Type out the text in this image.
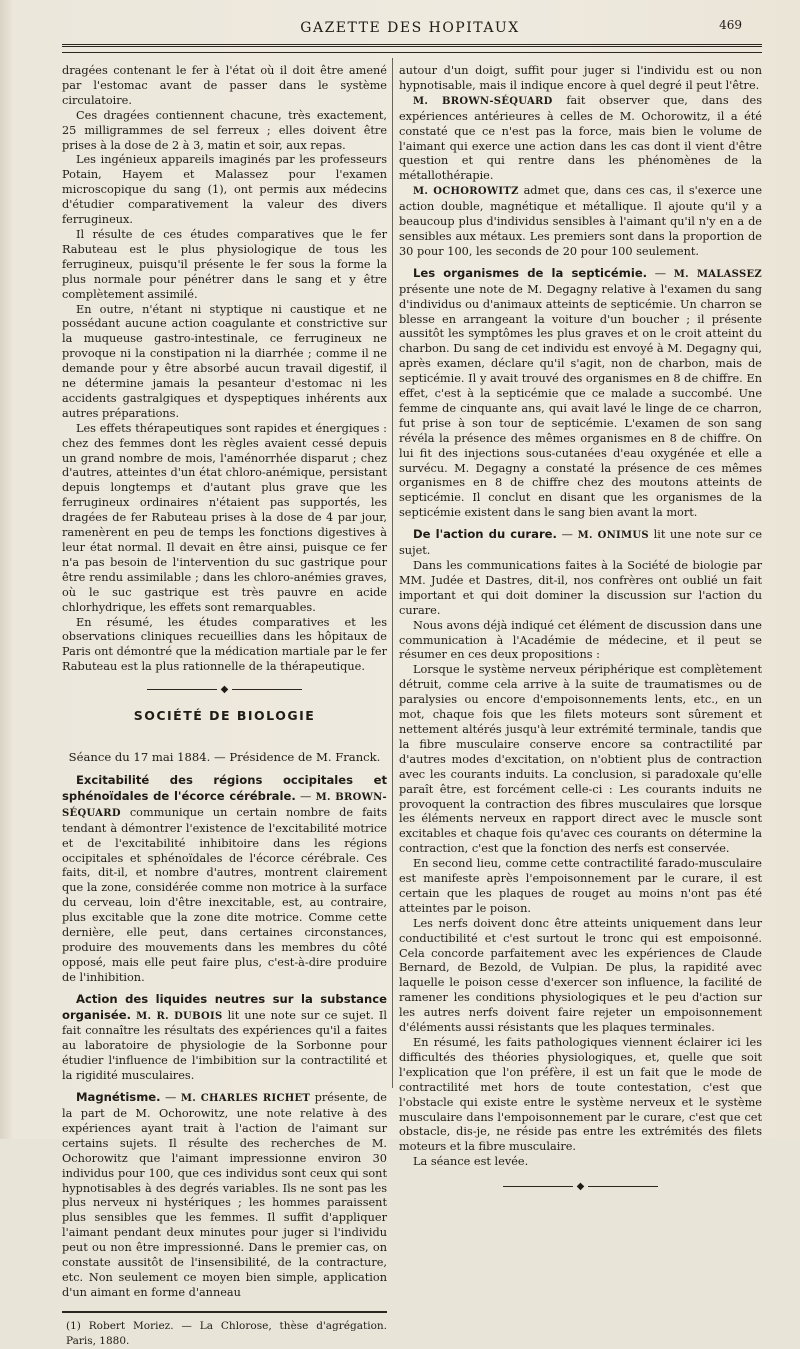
GAZETTE DES HOPITAUX	469

dragées contenant le fer à l'état où il doit être amené par l'estomac avant de passer dans le système circulatoire.

Ces dragées contiennent chacune, très exactement, 25 milligrammes de sel ferreux ; elles doivent être prises à la dose de 2 à 3, matin et soir, aux repas.

Les ingénieux appareils imaginés par les professeurs Potain, Hayem et Malassez pour l'examen microscopique du sang (1), ont permis aux médecins d'étudier comparativement la valeur des divers ferrugineux.

Il résulte de ces études comparatives que le fer Rabuteau est le plus physiologique de tous les ferrugineux, puisqu'il présente le fer sous la forme la plus normale pour pénétrer dans le sang et y être complètement assimilé.

En outre, n'étant ni styptique ni caustique et ne possédant aucune action coagulante et constrictive sur la muqueuse gastro-intestinale, ce ferrugineux ne provoque ni la constipation ni la diarrhée ; comme il ne demande pour y être absorbé aucun travail digestif, il ne détermine jamais la pesanteur d'estomac ni les accidents gastralgiques et dyspeptiques inhérents aux autres préparations.

Les effets thérapeutiques sont rapides et énergiques : chez des femmes dont les règles avaient cessé depuis un grand nombre de mois, l'aménorrhée disparut ; chez d'autres, atteintes d'un état chloro-anémique, persistant depuis longtemps et d'autant plus grave que les ferrugineux ordinaires n'étaient pas supportés, les dragées de fer Rabuteau prises à la dose de 4 par jour, ramenèrent en peu de temps les fonctions digestives à leur état normal. Il devait en être ainsi, puisque ce fer n'a pas besoin de l'intervention du suc gastrique pour être rendu assimilable ; dans les chloro-anémies graves, où le suc gastrique est très pauvre en acide chlorhydrique, les effets sont remarquables.

En résumé, les études comparatives et les observations cliniques recueillies dans les hôpitaux de Paris ont démontré que la médication martiale par le fer Rabuteau est la plus rationnelle de la thérapeutique.

◆
SOCIÉTÉ DE BIOLOGIE
Séance du 17 mai 1884. — Présidence de M. Franck.

Excitabilité des régions occipitales et sphénoïdales de l'écorce cérébrale. — M. BROWN-SÉQUARD communique un certain nombre de faits tendant à démontrer l'existence de l'excitabilité motrice et de l'excitabilité inhibitoire dans les régions occipitales et sphénoïdales de l'écorce cérébrale. Ces faits, dit-il, et nombre d'autres, montrent clairement que la zone, considérée comme non motrice à la surface du cerveau, loin d'être inexcitable, est, au contraire, plus excitable que la zone dite motrice. Comme cette dernière, elle peut, dans certaines circonstances, produire des mouvements dans les membres du côté opposé, mais elle peut faire plus, c'est-à-dire produire de l'inhibition.

Action des liquides neutres sur la substance organisée. M. R. DUBOIS lit une note sur ce sujet. Il fait connaître les résultats des expériences qu'il a faites au laboratoire de physiologie de la Sorbonne pour étudier l'influence de l'imbibition sur la contractilité et la rigidité musculaires.

Magnétisme. — M. CHARLES RICHET présente, de la part de M. Ochorowitz, une note relative à des expériences ayant trait à l'action de l'aimant sur certains sujets. Il résulte des recherches de M. Ochorowitz que l'aimant impressionne environ 30 individus pour 100, que ces individus sont ceux qui sont hypnotisables à des degrés variables. Ils ne sont pas les plus nerveux ni hystériques ; les hommes paraissent plus sensibles que les femmes. Il suffit d'appliquer l'aimant pendant deux minutes pour juger si l'individu peut ou non être impressionné. Dans le premier cas, on constate aussitôt de l'insensibilité, de la contracture, etc. Non seulement ce moyen bien simple, application d'un aimant en forme d'anneau

(1) Robert Moriez. — La Chlorose, thèse d'agrégation. Paris, 1880.

autour d'un doigt, suffit pour juger si l'individu est ou non hypnotisable, mais il indique encore à quel degré il peut l'être.

M. BROWN-SÉQUARD fait observer que, dans des expériences antérieures à celles de M. Ochorowitz, il a été constaté que ce n'est pas la force, mais bien le volume de l'aimant qui exerce une action dans les cas dont il vient d'être question et qui rentre dans les phénomènes de la métallothérapie.

M. OCHOROWITZ admet que, dans ces cas, il s'exerce une action double, magnétique et métallique. Il ajoute qu'il y a beaucoup plus d'individus sensibles à l'aimant qu'il n'y en a de sensibles aux métaux. Les premiers sont dans la proportion de 30 pour 100, les seconds de 20 pour 100 seulement.

Les organismes de la septicémie. — M. MALASSEZ présente une note de M. Degagny relative à l'examen du sang d'individus ou d'animaux atteints de septicémie. Un charron se blesse en arrangeant la voiture d'un boucher ; il présente aussitôt les symptômes les plus graves et on le croit atteint du charbon. Du sang de cet individu est envoyé à M. Degagny qui, après examen, déclare qu'il s'agit, non de charbon, mais de septicémie. Il y avait trouvé des organismes en 8 de chiffre. En effet, c'est à la septicémie que ce malade a succombé. Une femme de cinquante ans, qui avait lavé le linge de ce charron, fut prise à son tour de septicémie. L'examen de son sang révéla la présence des mêmes organismes en 8 de chiffre. On lui fit des injections sous-cutanées d'eau oxygénée et elle a survécu. M. Degagny a constaté la présence de ces mêmes organismes en 8 de chiffre chez des moutons atteints de septicémie. Il conclut en disant que les organismes de la septicémie existent dans le sang bien avant la mort.

De l'action du curare. — M. ONIMUS lit une note sur ce sujet.

Dans les communications faites à la Société de biologie par MM. Judée et Dastres, dit-il, nos confrères ont oublié un fait important et qui doit dominer la discussion sur l'action du curare.

Nous avons déjà indiqué cet élément de discussion dans une communication à l'Académie de médecine, et il peut se résumer en ces deux propositions :

Lorsque le système nerveux périphérique est complètement détruit, comme cela arrive à la suite de traumatismes ou de paralysies ou encore d'empoisonnements lents, etc., en un mot, chaque fois que les filets moteurs sont sûrement et nettement altérés jusqu'à leur extrémité terminale, tandis que la fibre musculaire conserve encore sa contractilité par d'autres modes d'excitation, on n'obtient plus de contraction avec les courants induits. La conclusion, si paradoxale qu'elle paraît être, est forcément celle-ci : Les courants induits ne provoquent la contraction des fibres musculaires que lorsque les éléments nerveux en rapport direct avec le muscle sont excitables et chaque fois qu'avec ces courants on détermine la contraction, c'est que la fonction des nerfs est conservée.

En second lieu, comme cette contractilité farado-musculaire est manifeste après l'empoisonnement par le curare, il est certain que les plaques de rouget au moins n'ont pas été atteintes par le poison.

Les nerfs doivent donc être atteints uniquement dans leur conductibilité et c'est surtout le tronc qui est empoisonné. Cela concorde parfaitement avec les expériences de Claude Bernard, de Bezold, de Vulpian. De plus, la rapidité avec laquelle le poison cesse d'exercer son influence, la facilité de ramener les conditions physiologiques et le peu d'action sur les autres nerfs doivent faire rejeter un empoisonnement d'éléments aussi résistants que les plaques terminales.

En résumé, les faits pathologiques viennent éclairer ici les difficultés des théories physiologiques, et, quelle que soit l'explication que l'on préfère, il est un fait que le mode de contractilité met hors de toute contestation, c'est que l'obstacle qui existe entre le système nerveux et le système musculaire dans l'empoisonnement par le curare, c'est que cet obstacle, dis-je, ne réside pas entre les extrémités des filets moteurs et la fibre musculaire.

La séance est levée.

◆
